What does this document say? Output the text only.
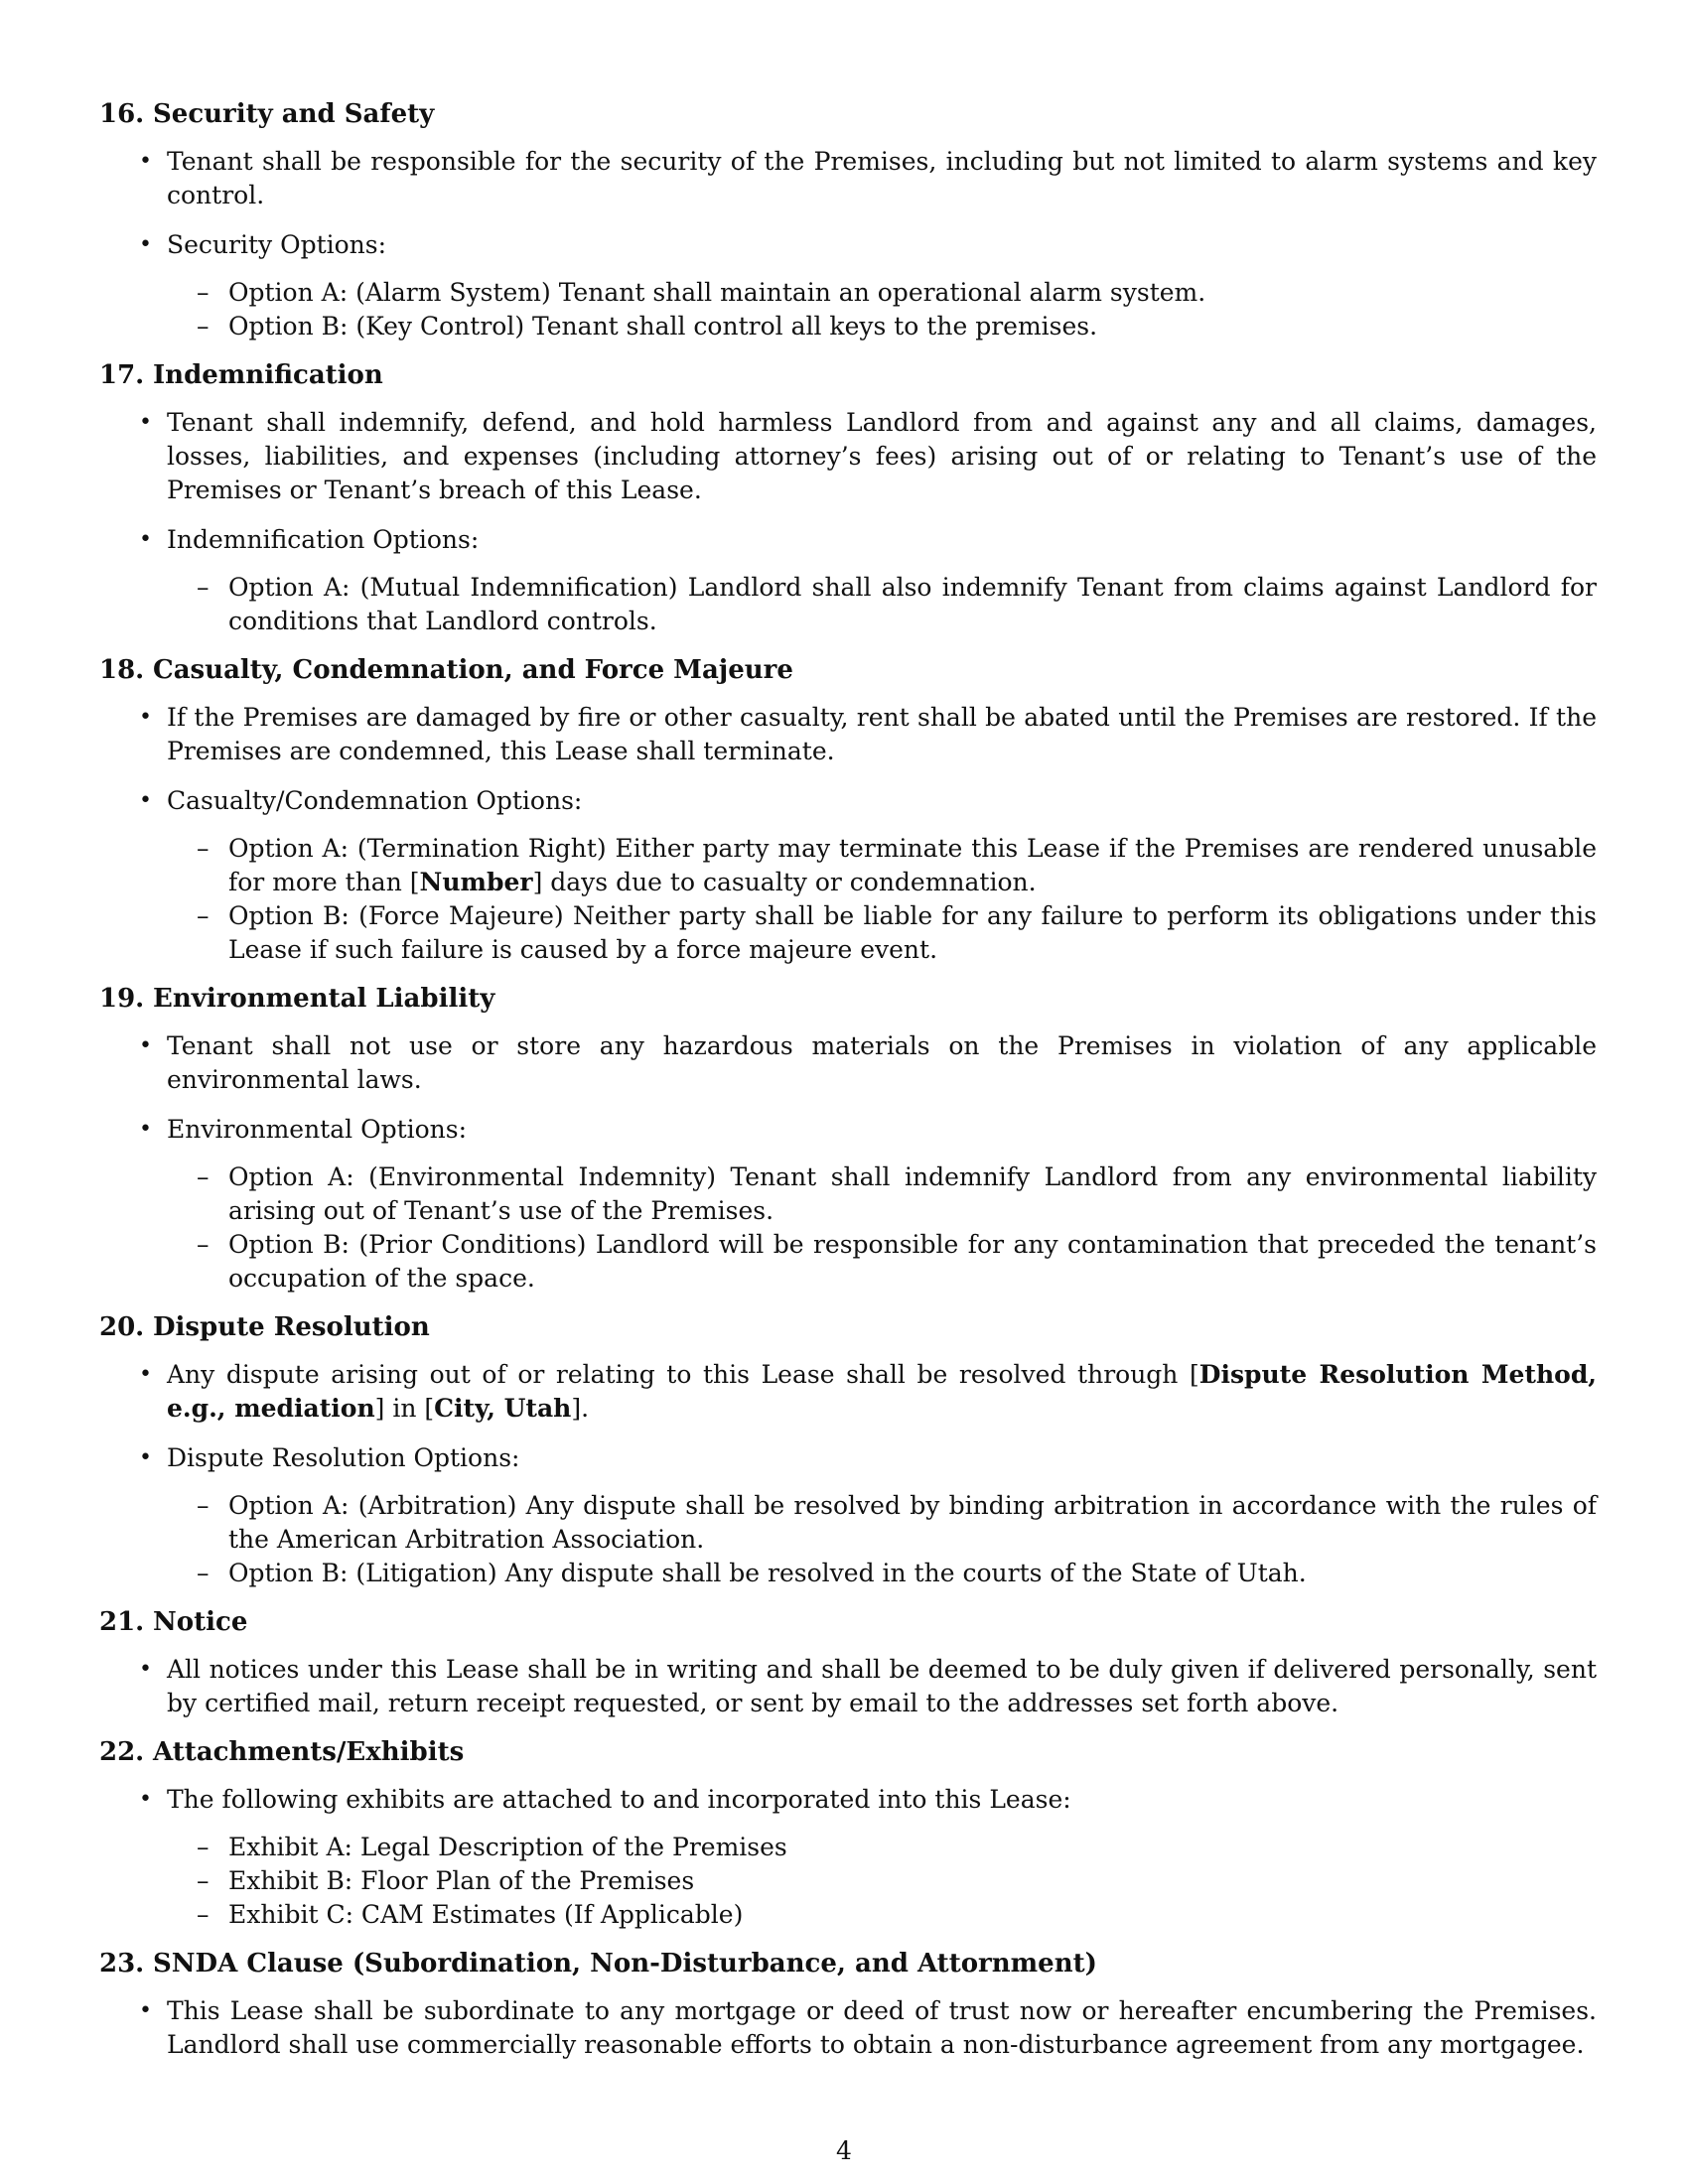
16. Security and Safety
• Tenant shall be responsible for the security of the Premises, including but not limited to alarm systems and key control.
• Security Options:
– Option A: (Alarm System) Tenant shall maintain an operational alarm system.
– Option B: (Key Control) Tenant shall control all keys to the premises.
17. Indemnification
• Tenant shall indemnify, defend, and hold harmless Landlord from and against any and all claims, damages, losses, liabilities, and expenses (including attorney’s fees) arising out of or relating to Tenant’s use of the Premises or Tenant’s breach of this Lease.
• Indemnification Options:
– Option A: (Mutual Indemnification) Landlord shall also indemnify Tenant from claims against Landlord for conditions that Landlord controls.
18. Casualty, Condemnation, and Force Majeure
• If the Premises are damaged by fire or other casualty, rent shall be abated until the Premises are restored. If the Premises are condemned, this Lease shall terminate.
• Casualty/Condemnation Options:
– Option A: (Termination Right) Either party may terminate this Lease if the Premises are rendered unusable for more than [Number] days due to casualty or condemnation.
– Option B: (Force Majeure) Neither party shall be liable for any failure to perform its obligations under this Lease if such failure is caused by a force majeure event.
19. Environmental Liability
• Tenant shall not use or store any hazardous materials on the Premises in violation of any applicable environmental laws.
• Environmental Options:
– Option A: (Environmental Indemnity) Tenant shall indemnify Landlord from any environmental liability arising out of Tenant’s use of the Premises.
– Option B: (Prior Conditions) Landlord will be responsible for any contamination that preceded the tenant’s occupation of the space.
20. Dispute Resolution
• Any dispute arising out of or relating to this Lease shall be resolved through [Dispute Resolution Method, e.g., mediation] in [City, Utah].
• Dispute Resolution Options:
– Option A: (Arbitration) Any dispute shall be resolved by binding arbitration in accordance with the rules of the American Arbitration Association.
– Option B: (Litigation) Any dispute shall be resolved in the courts of the State of Utah.
21. Notice
• All notices under this Lease shall be in writing and shall be deemed to be duly given if delivered personally, sent by certified mail, return receipt requested, or sent by email to the addresses set forth above.
22. Attachments/Exhibits
• The following exhibits are attached to and incorporated into this Lease:
– Exhibit A: Legal Description of the Premises
– Exhibit B: Floor Plan of the Premises
– Exhibit C: CAM Estimates (If Applicable)
23. SNDA Clause (Subordination, Non-Disturbance, and Attornment)
• This Lease shall be subordinate to any mortgage or deed of trust now or hereafter encumbering the Premises. Landlord shall use commercially reasonable efforts to obtain a non-disturbance agreement from any mortgagee.
4
